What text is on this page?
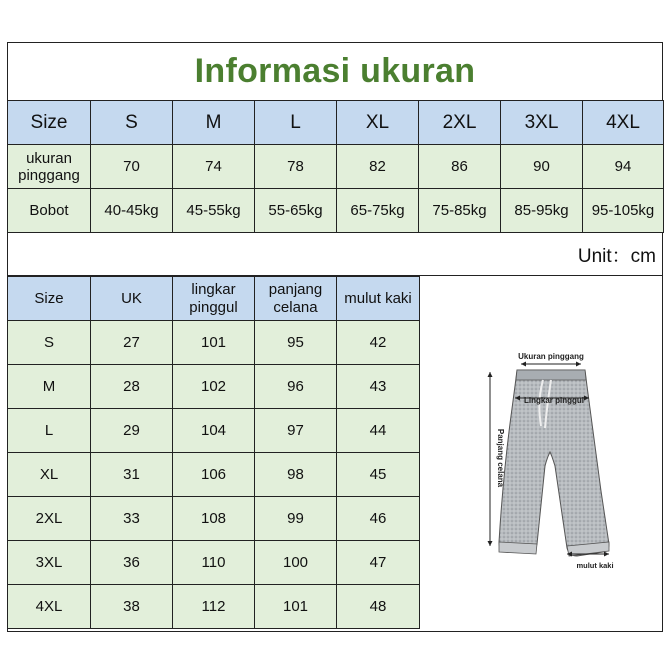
Informasi ukuran
Size	S	M	L	XL	2XL	3XL	4XL
ukuran pinggang	70	74	78	82	86	90	94
Bobot	40-45kg	45-55kg	55-65kg	65-75kg	75-85kg	85-95kg	95-105kg
Unit：cm
Size	UK	lingkar pinggul	panjang celana	mulut kaki
S	27	101	95	42
M	28	102	96	43
L	29	104	97	44
XL	31	106	98	45
2XL	33	108	99	46
3XL	36	110	100	47
4XL	38	112	101	48
Ukuran pinggang
Lingkar pinggul
Panjang celana
mulut kaki
